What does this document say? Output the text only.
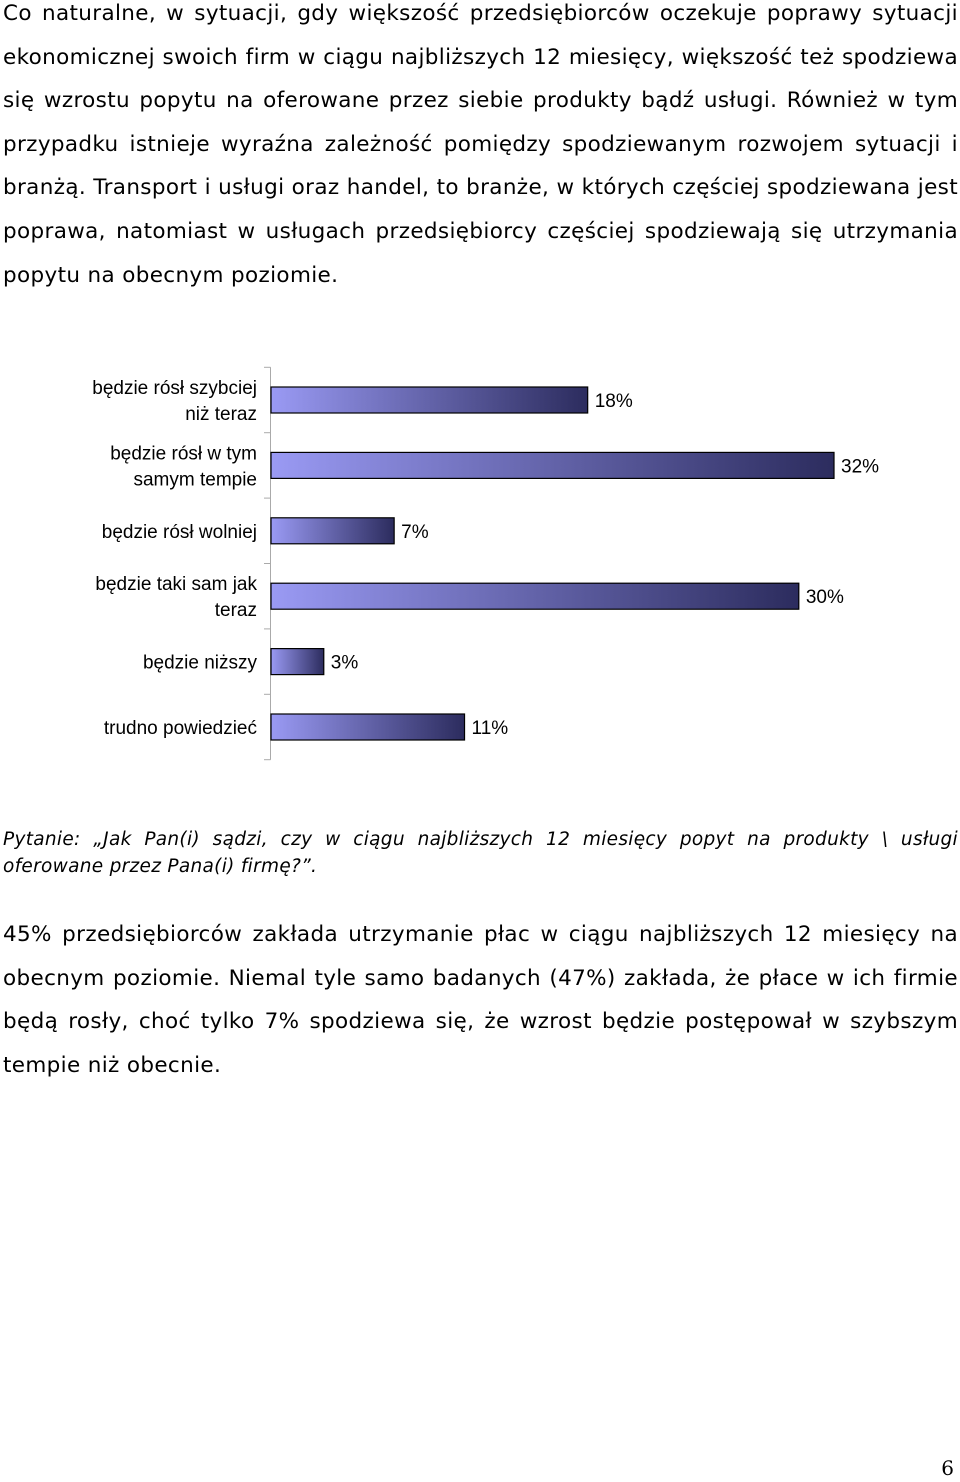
Co naturalne, w sytuacji, gdy większość przedsiębiorców oczekuje poprawy sytuacji ekonomicznej swoich firm w ciągu najbliższych 12 miesięcy, większość też spodziewa się wzrostu popytu na oferowane przez siebie produkty bądź usługi. Również w tym przypadku istnieje wyraźna zależność pomiędzy spodziewanym rozwojem sytuacji i branżą. Transport i usługi oraz handel, to branże, w których częściej spodziewana jest poprawa, natomiast w usługach przedsiębiorcy częściej spodziewają się utrzymania popytu na obecnym poziomie.

będzie rósł szybciej
niż teraz
będzie rósł w tym
samym tempie
będzie rósł wolniej
będzie taki sam jak
teraz
będzie niższy
trudno powiedzieć
18%
32%
7%
30%
3%
11%

Pytanie: „Jak Pan(i) sądzi, czy w ciągu najbliższych 12 miesięcy popyt na produkty \ usługi oferowane przez Pana(i) firmę?”.

45% przedsiębiorców zakłada utrzymanie płac w ciągu najbliższych 12 miesięcy na obecnym poziomie. Niemal tyle samo badanych (47%) zakłada, że płace w ich firmie będą rosły, choć tylko 7% spodziewa się, że wzrost będzie postępował w szybszym tempie niż obecnie.

6
